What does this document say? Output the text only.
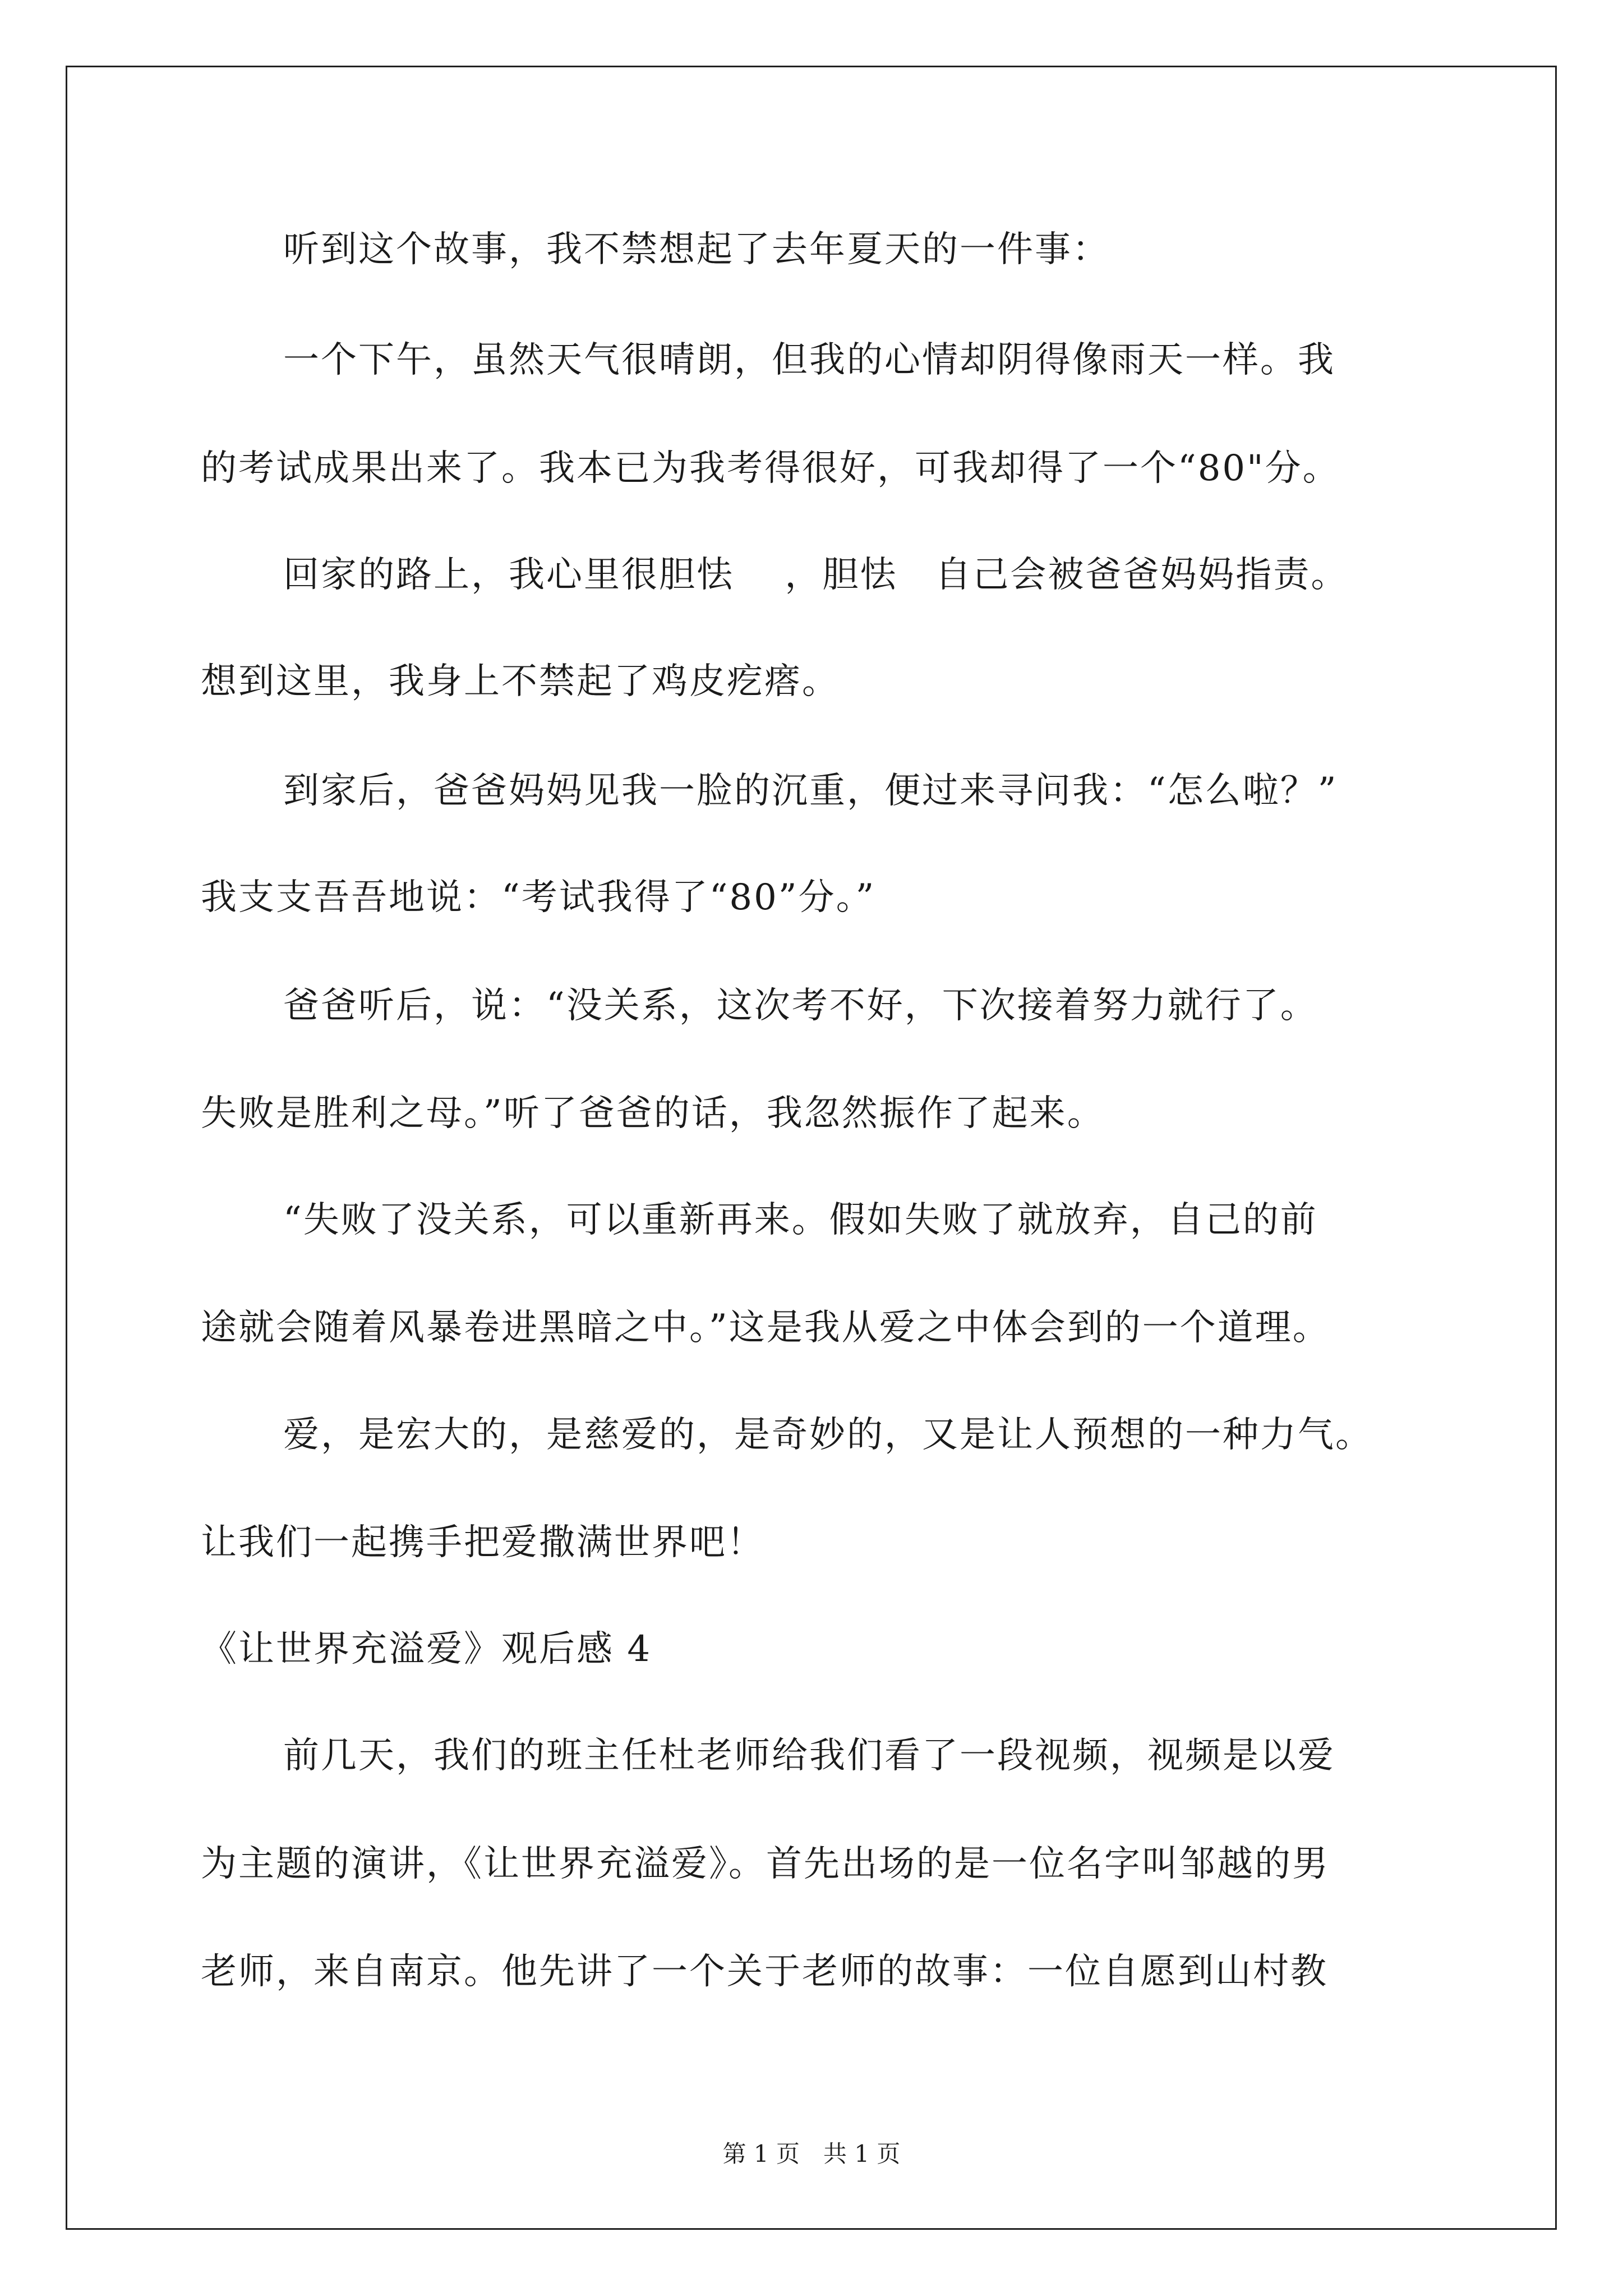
听到这个故事，我不禁想起了去年夏天的一件事：
一个下午，虽然天气很晴朗，但我的心情却阴得像雨天一样。我
的考试成果出来了。我本已为我考得很好，可我却得了一个“80"分。
回家的路上，我心里很胆怯　 ，胆怯　自己会被爸爸妈妈指责。
想到这里，我身上不禁起了鸡皮疙瘩。
到家后，爸爸妈妈见我一脸的沉重，便过来寻问我：“怎么啦？”
我支支吾吾地说：“考试我得了“80”分。”
爸爸听后，说：“没关系，这次考不好，下次接着努力就行了。
失败是胜利之母。”听了爸爸的话，我忽然振作了起来。
“失败了没关系，可以重新再来。假如失败了就放弃，自己的前
途就会随着风暴卷进黑暗之中。”这是我从爱之中体会到的一个道理。
爱，是宏大的，是慈爱的，是奇妙的，又是让人预想的一种力气。
让我们一起携手把爱撒满世界吧！
《让世界充溢爱》观后感 4
前几天，我们的班主任杜老师给我们看了一段视频，视频是以爱
为主题的演讲，《让世界充溢爱》。首先出场的是一位名字叫邹越的男
老师，来自南京。他先讲了一个关于老师的故事：一位自愿到山村教
第 1 页　共 1 页
